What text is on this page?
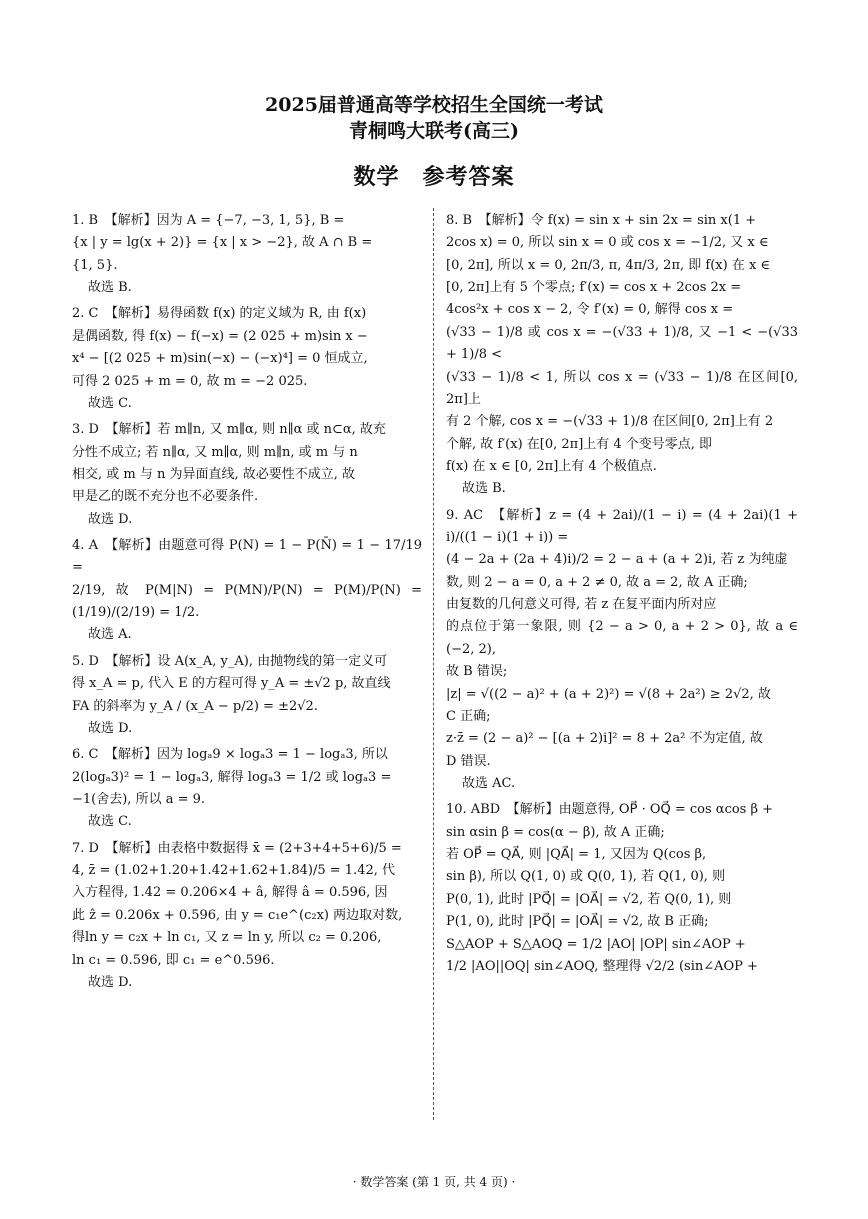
2025届普通高等学校招生全国统一考试
青桐鸣大联考(高三)
数学　参考答案
1. B　【解析】因为 A = {−7, −3, 1, 5}, B =
{x | y = lg(x + 2)} = {x | x > −2}, 故 A ∩ B =
{1, 5}.
故选 B.
2. C　【解析】易得函数 f(x) 的定义域为 R, 由 f(x)
是偶函数, 得 f(x) − f(−x) = (2 025 + m)sin x −
x⁴ − [(2 025 + m)sin(−x) − (−x)⁴] = 0 恒成立,
可得 2 025 + m = 0, 故 m = −2 025.
故选 C.
3. D　【解析】若 m∥n, 又 m∥α, 则 n∥α 或 n⊂α, 故充
分性不成立; 若 n∥α, 又 m∥α, 则 m∥n, 或 m 与 n
相交, 或 m 与 n 为异面直线, 故必要性不成立, 故
甲是乙的既不充分也不必要条件.
故选 D.
4. A　【解析】由题意可得 P(N) = 1 − P(N̄) = 1 − 17/19 =
2/19, 故 P(M|N) = P(MN)/P(N) = P(M)/P(N) = (1/19)/(2/19) = 1/2.
故选 A.
5. D　【解析】设 A(x_A, y_A), 由抛物线的第一定义可
得 x_A = p, 代入 E 的方程可得 y_A = ±√2 p, 故直线
FA 的斜率为 y_A / (x_A − p/2) = ±2√2.
故选 D.
6. C　【解析】因为 logₐ9 × logₐ3 = 1 − logₐ3, 所以
2(logₐ3)² = 1 − logₐ3, 解得 logₐ3 = 1/2 或 logₐ3 =
−1(舍去), 所以 a = 9.
故选 C.
7. D　【解析】由表格中数据得 x̄ = (2+3+4+5+6)/5 =
4, z̄ = (1.02+1.20+1.42+1.62+1.84)/5 = 1.42, 代
入方程得, 1.42 = 0.206×4 + â, 解得 â = 0.596, 因
此 ẑ = 0.206x + 0.596, 由 y = c₁e^(c₂x) 两边取对数,
得ln y = c₂x + ln c₁, 又 z = ln y, 所以 c₂ = 0.206,
ln c₁ = 0.596, 即 c₁ = e^0.596.
故选 D.
8. B　【解析】令 f(x) = sin x + sin 2x = sin x(1 +
2cos x) = 0, 所以 sin x = 0 或 cos x = −1/2, 又 x ∈
[0, 2π], 所以 x = 0, 2π/3, π, 4π/3, 2π, 即 f(x) 在 x ∈
[0, 2π]上有 5 个零点; f′(x) = cos x + 2cos 2x =
4cos²x + cos x − 2, 令 f′(x) = 0, 解得 cos x =
(√33 − 1)/8 或 cos x = −(√33 + 1)/8, 又 −1 < −(√33 + 1)/8 <
(√33 − 1)/8 < 1, 所以 cos x = (√33 − 1)/8 在区间[0, 2π]上
有 2 个解, cos x = −(√33 + 1)/8 在区间[0, 2π]上有 2
个解, 故 f′(x) 在[0, 2π]上有 4 个变号零点, 即
f(x) 在 x ∈ [0, 2π]上有 4 个极值点.
故选 B.
9. AC　【解析】z = (4 + 2ai)/(1 − i) = (4 + 2ai)(1 + i)/((1 − i)(1 + i)) =
(4 − 2a + (2a + 4)i)/2 = 2 − a + (a + 2)i, 若 z 为纯虚
数, 则 2 − a = 0, a + 2 ≠ 0, 故 a = 2, 故 A 正确;
由复数的几何意义可得, 若 z 在复平面内所对应
的点位于第一象限, 则 {2 − a > 0, a + 2 > 0}, 故 a ∈ (−2, 2),
故 B 错误;
|z| = √((2 − a)² + (a + 2)²) = √(8 + 2a²) ≥ 2√2, 故
C 正确;
z·z̄ = (2 − a)² − [(a + 2)i]² = 8 + 2a² 不为定值, 故
D 错误.
故选 AC.
10. ABD　【解析】由题意得, OP⃗ · OQ⃗ = cos αcos β +
sin αsin β = cos(α − β), 故 A 正确;
若 OP⃗ = QA⃗, 则 |QA⃗| = 1, 又因为 Q(cos β,
sin β), 所以 Q(1, 0) 或 Q(0, 1), 若 Q(1, 0), 则
P(0, 1), 此时 |PQ⃗| = |OA⃗| = √2, 若 Q(0, 1), 则
P(1, 0), 此时 |PQ⃗| = |OA⃗| = √2, 故 B 正确;
S△AOP + S△AOQ = 1/2 |AO| |OP| sin∠AOP +
1/2 |AO||OQ| sin∠AOQ, 整理得 √2/2 (sin∠AOP +
· 数学答案 (第 1 页, 共 4 页) ·
